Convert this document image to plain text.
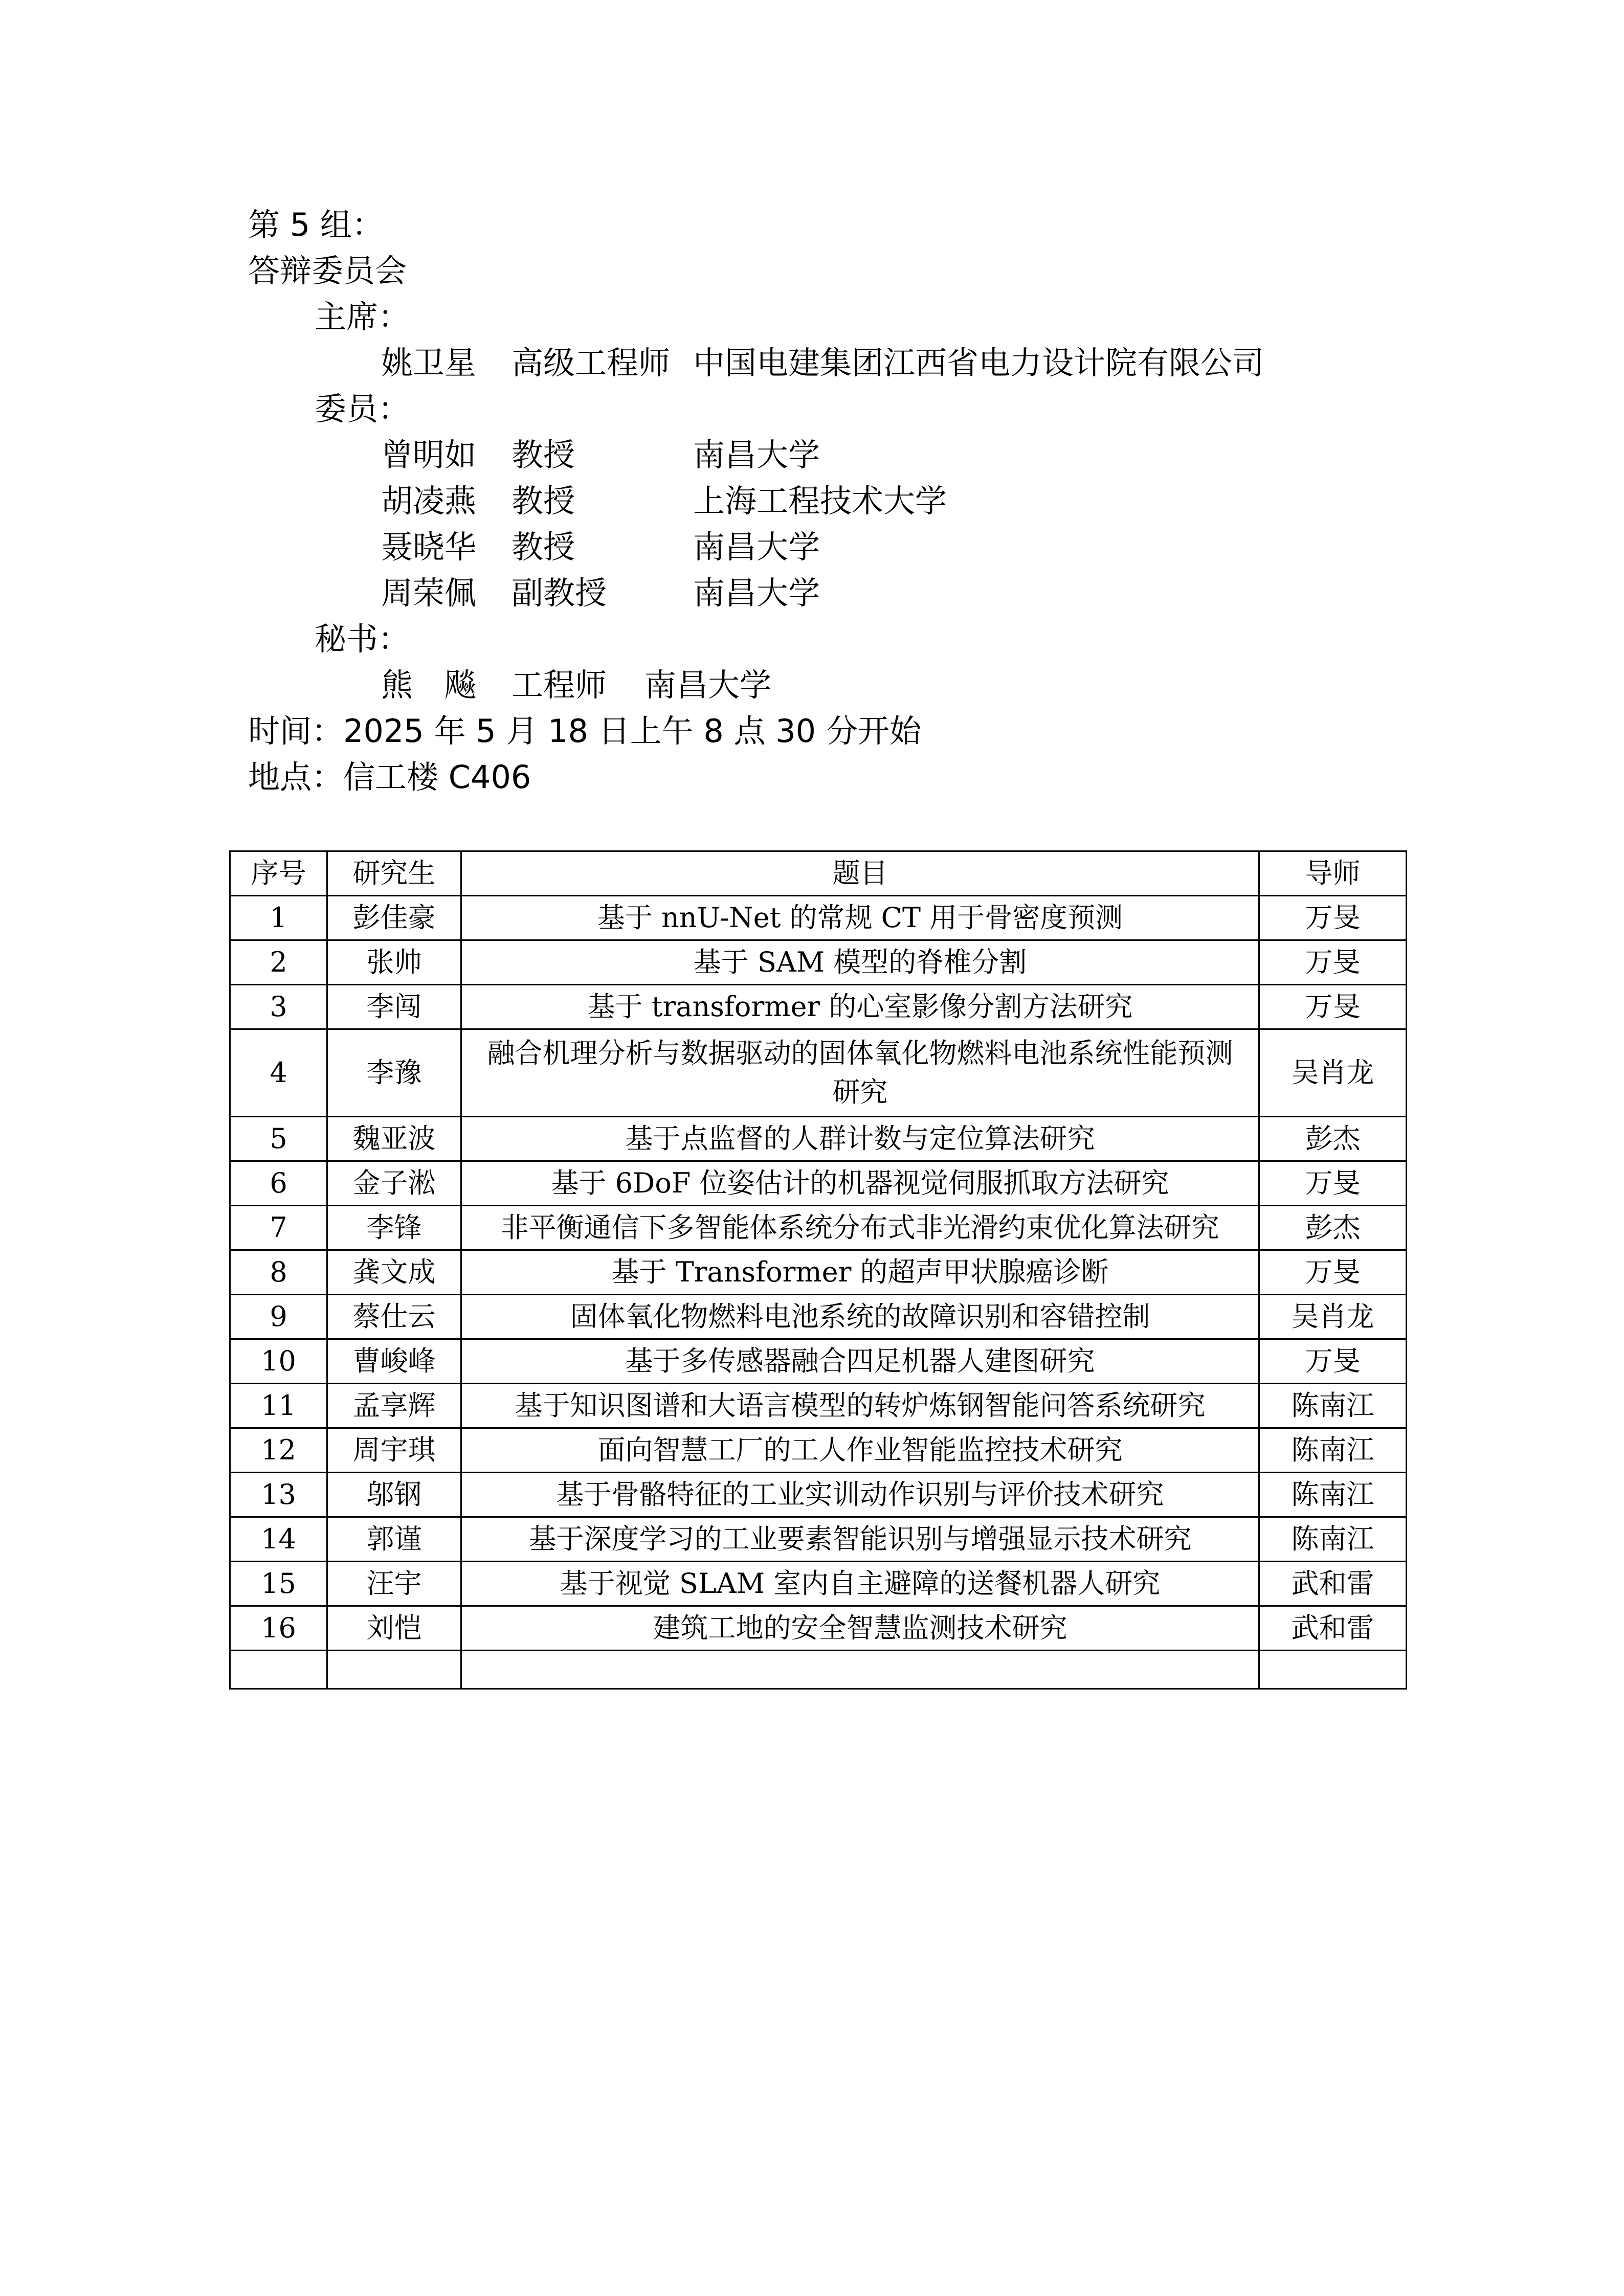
第 5 组：
答辩委员会
主席：
姚卫星 高级工程师 中国电建集团江西省电力设计院有限公司
委员：
曾明如 教授	南昌大学
胡凌燕 教授	上海工程技术大学
聂晓华 教授	南昌大学
周荣佩 副教授	南昌大学
秘书：
熊　飚 工程师 南昌大学
时间：2025 年 5 月 18 日上午 8 点 30 分开始
地点：信工楼 C406
序号	研究生	题目	导师
1	彭佳豪	基于 nnU-Net 的常规 CT 用于骨密度预测	万旻
2	张帅	基于 SAM 模型的脊椎分割	万旻
3	李闯	基于 transformer 的心室影像分割方法研究	万旻
4	李豫	融合机理分析与数据驱动的固体氧化物燃料电池系统性能预测研究	吴肖龙
5	魏亚波	基于点监督的人群计数与定位算法研究	彭杰
6	金子淞	基于 6DoF 位姿估计的机器视觉伺服抓取方法研究	万旻
7	李锋	非平衡通信下多智能体系统分布式非光滑约束优化算法研究	彭杰
8	龚文成	基于 Transformer 的超声甲状腺癌诊断	万旻
9	蔡仕云	固体氧化物燃料电池系统的故障识别和容错控制	吴肖龙
10	曹峻峰	基于多传感器融合四足机器人建图研究	万旻
11	孟享辉	基于知识图谱和大语言模型的转炉炼钢智能问答系统研究	陈南江
12	周宇琪	面向智慧工厂的工人作业智能监控技术研究	陈南江
13	邬钢	基于骨骼特征的工业实训动作识别与评价技术研究	陈南江
14	郭谨	基于深度学习的工业要素智能识别与增强显示技术研究	陈南江
15	汪宇	基于视觉 SLAM 室内自主避障的送餐机器人研究	武和雷
16	刘恺	建筑工地的安全智慧监测技术研究	武和雷
